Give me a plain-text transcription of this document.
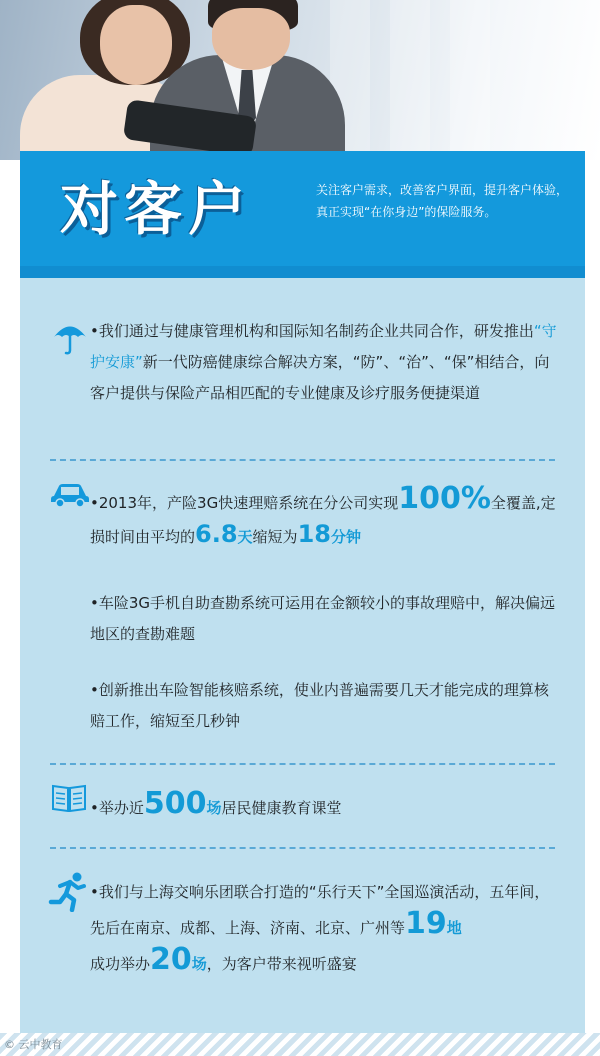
对客户	关注客户需求，改善客户界面，提升客户体验，真正实现“在你身边”的保险服务。
•我们通过与健康管理机构和国际知名制药企业共同合作，研发推出“守护安康”新一代防癌健康综合解决方案，“防”、“治”、“保”相结合，向客户提供与保险产品相匹配的专业健康及诊疗服务便捷渠道
•2013年，产险3G快速理赔系统在分公司实现100%全覆盖,定损时间由平均的6.8天缩短为18分钟
•车险3G手机自助查勘系统可运用在金额较小的事故理赔中，解决偏远地区的查勘难题
•创新推出车险智能核赔系统，使业内普遍需要几天才能完成的理算核赔工作，缩短至几秒钟
•举办近500场居民健康教育课堂
•我们与上海交响乐团联合打造的“乐行天下”全国巡演活动，五年间，先后在南京、成都、上海、济南、北京、广州等19地
成功举办20场，为客户带来视听盛宴
© 云中教育
